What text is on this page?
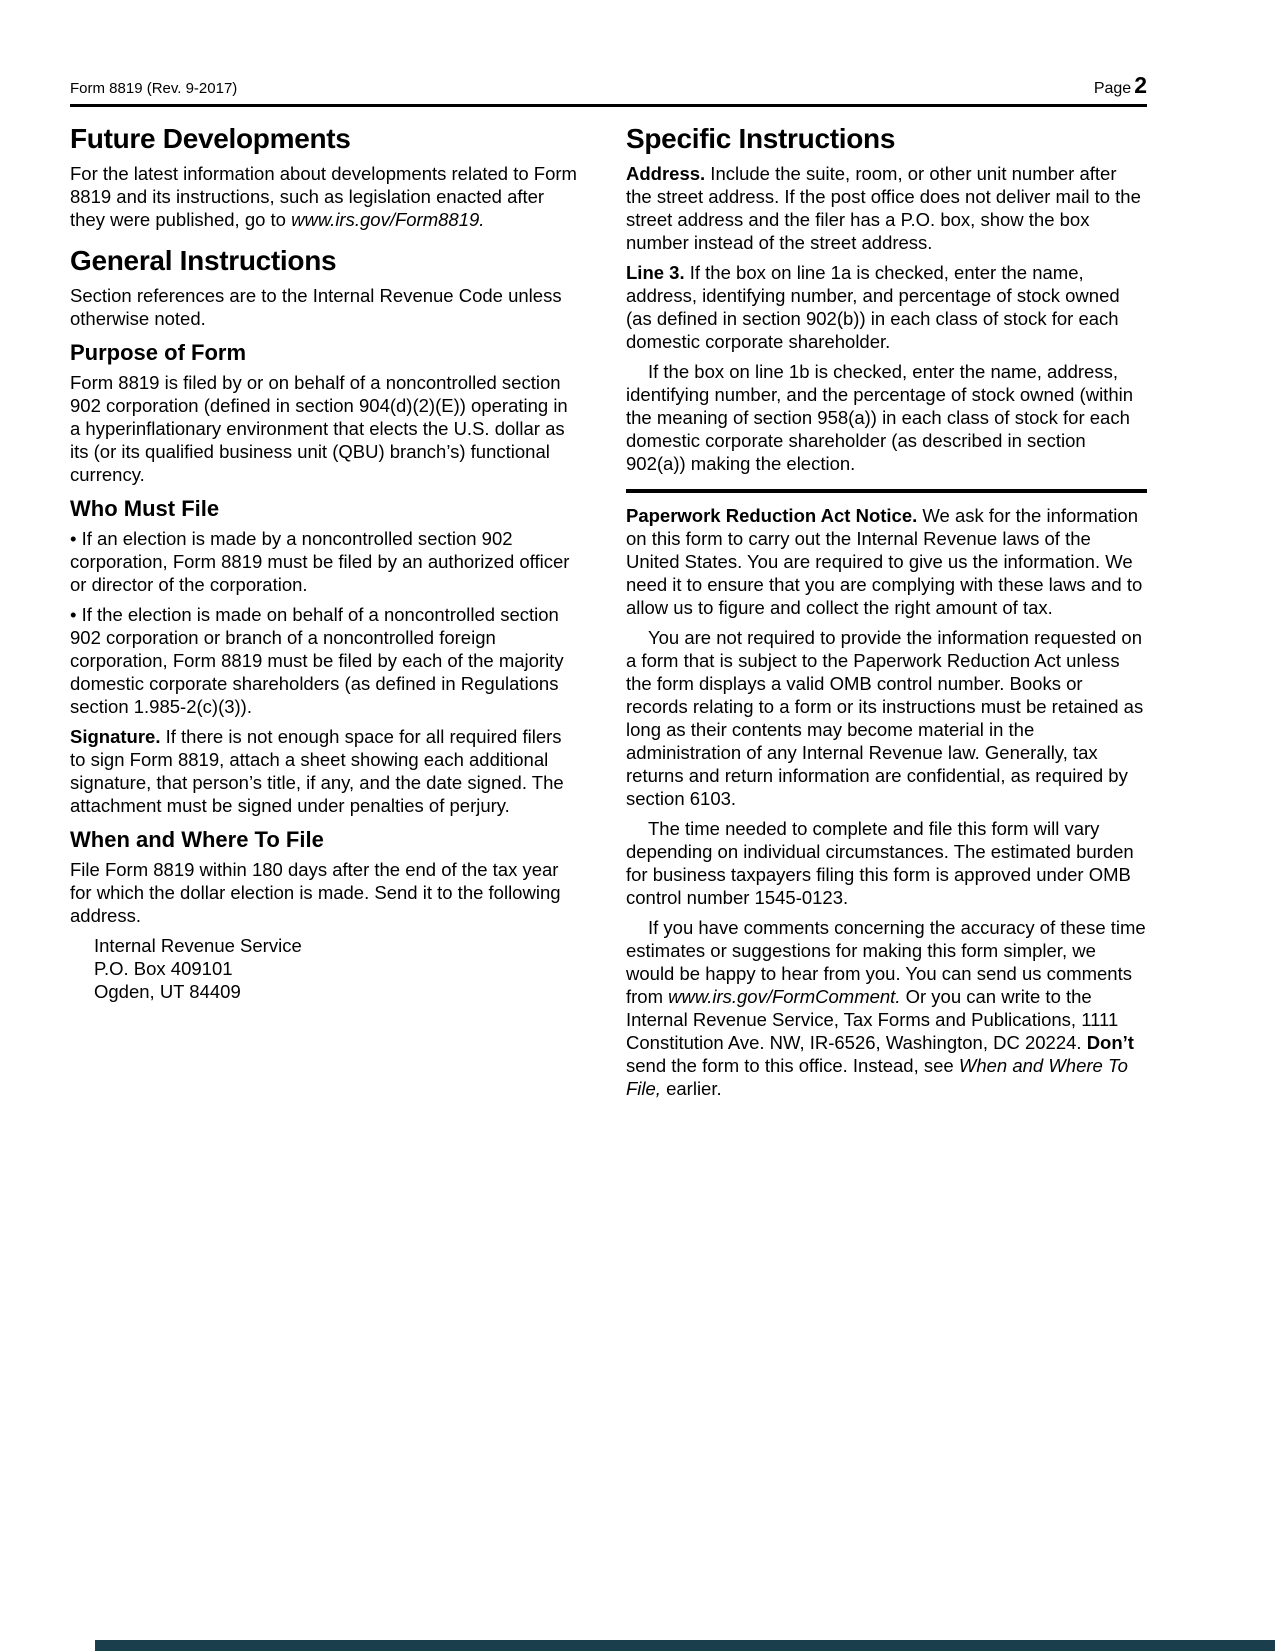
Form 8819 (Rev. 9-2017)	Page 2
Future Developments

For the latest information about developments related to Form 8819 and its instructions, such as legislation enacted after they were published, go to www.irs.gov/Form8819.

General Instructions

Section references are to the Internal Revenue Code unless otherwise noted.

Purpose of Form

Form 8819 is filed by or on behalf of a noncontrolled section 902 corporation (defined in section 904(d)(2)(E)) operating in a hyperinflationary environment that elects the U.S. dollar as its (or its qualified business unit (QBU) branch’s) functional currency.

Who Must File

• If an election is made by a noncontrolled section 902 corporation, Form 8819 must be filed by an authorized officer or director of the corporation.

• If the election is made on behalf of a noncontrolled section 902 corporation or branch of a noncontrolled foreign corporation, Form 8819 must be filed by each of the majority domestic corporate shareholders (as defined in Regulations section 1.985-2(c)(3)).

Signature. If there is not enough space for all required filers to sign Form 8819, attach a sheet showing each additional signature, that person’s title, if any, and the date signed. The attachment must be signed under penalties of perjury.

When and Where To File

File Form 8819 within 180 days after the end of the tax year for which the dollar election is made. Send it to the following address.

Internal Revenue Service

P.O. Box 409101

Ogden, UT 84409

Specific Instructions

Address. Include the suite, room, or other unit number after the street address. If the post office does not deliver mail to the street address and the filer has a P.O. box, show the box number instead of the street address.

Line 3. If the box on line 1a is checked, enter the name, address, identifying number, and percentage of stock owned (as defined in section 902(b)) in each class of stock for each domestic corporate shareholder.

If the box on line 1b is checked, enter the name, address, identifying number, and the percentage of stock owned (within the meaning of section 958(a)) in each class of stock for each domestic corporate shareholder (as described in section 902(a)) making the election.

Paperwork Reduction Act Notice. We ask for the information on this form to carry out the Internal Revenue laws of the United States. You are required to give us the information. We need it to ensure that you are complying with these laws and to allow us to figure and collect the right amount of tax.

You are not required to provide the information requested on a form that is subject to the Paperwork Reduction Act unless the form displays a valid OMB control number. Books or records relating to a form or its instructions must be retained as long as their contents may become material in the administration of any Internal Revenue law. Generally, tax returns and return information are confidential, as required by section 6103.

The time needed to complete and file this form will vary depending on individual circumstances. The estimated burden for business taxpayers filing this form is approved under OMB control number 1545-0123.

If you have comments concerning the accuracy of these time estimates or suggestions for making this form simpler, we would be happy to hear from you. You can send us comments from www.irs.gov/FormComment. Or you can write to the Internal Revenue Service, Tax Forms and Publications, 1111 Constitution Ave. NW, IR-6526, Washington, DC 20224. Don’t send the form to this office. Instead, see When and Where To File, earlier.
